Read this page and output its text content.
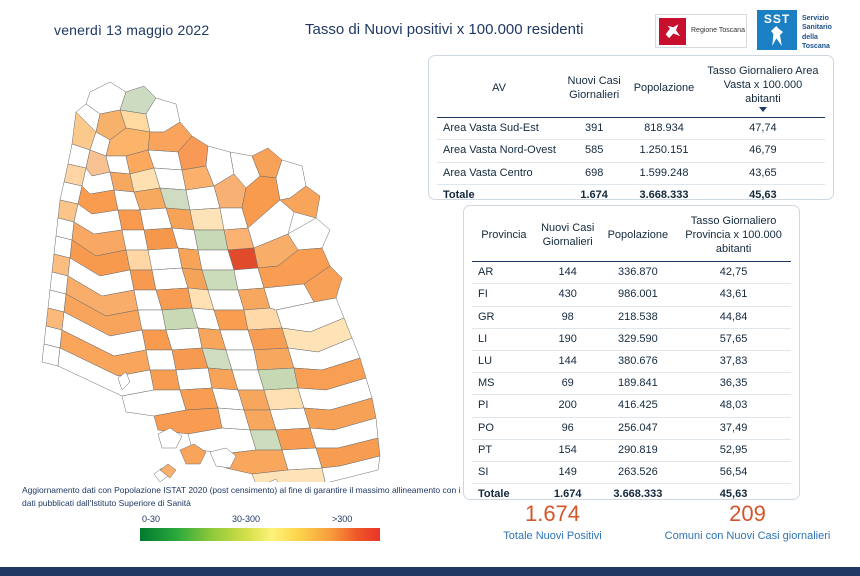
venerdì 13 maggio 2022	Tasso di Nuovi positivi x 100.000 residenti	Regione Toscana
SST	Servizio Sanitario della Toscana
AV	Nuovi Casi Giornalieri	Popolazione	Tasso Giornaliero Area Vasta x 100.000 abitanti

Area Vasta Sud-Est	391	818.934	47,74
Area Vasta Nord-Ovest	585	1.250.151	46,79
Area Vasta Centro	698	1.599.248	43,65
Totale	1.674	3.668.333	45,63
Provincia	Nuovi Casi Giornalieri	Popolazione	Tasso Giornaliero Provincia x 100.000 abitanti
AR	144	336.870	42,75
FI	430	986.001	43,61
GR	98	218.538	44,84
LI	190	329.590	57,65
LU	144	380.676	37,83
MS	69	189.841	36,35
PI	200	416.425	48,03
PO	96	256.047	37,49
PT	154	290.819	52,95
SI	149	263.526	56,54
Totale	1.674	3.668.333	45,63
Aggiornamento dati con Popolazione ISTAT 2020 (post censimento) al fine di garantire il massimo allineamento con i dati pubblicati dall'Istituto Superiore di Sanità
0-30	30-300	>300	1.674
Totale Nuovi Positivi
209
Comuni con Nuovi Casi giornalieri
